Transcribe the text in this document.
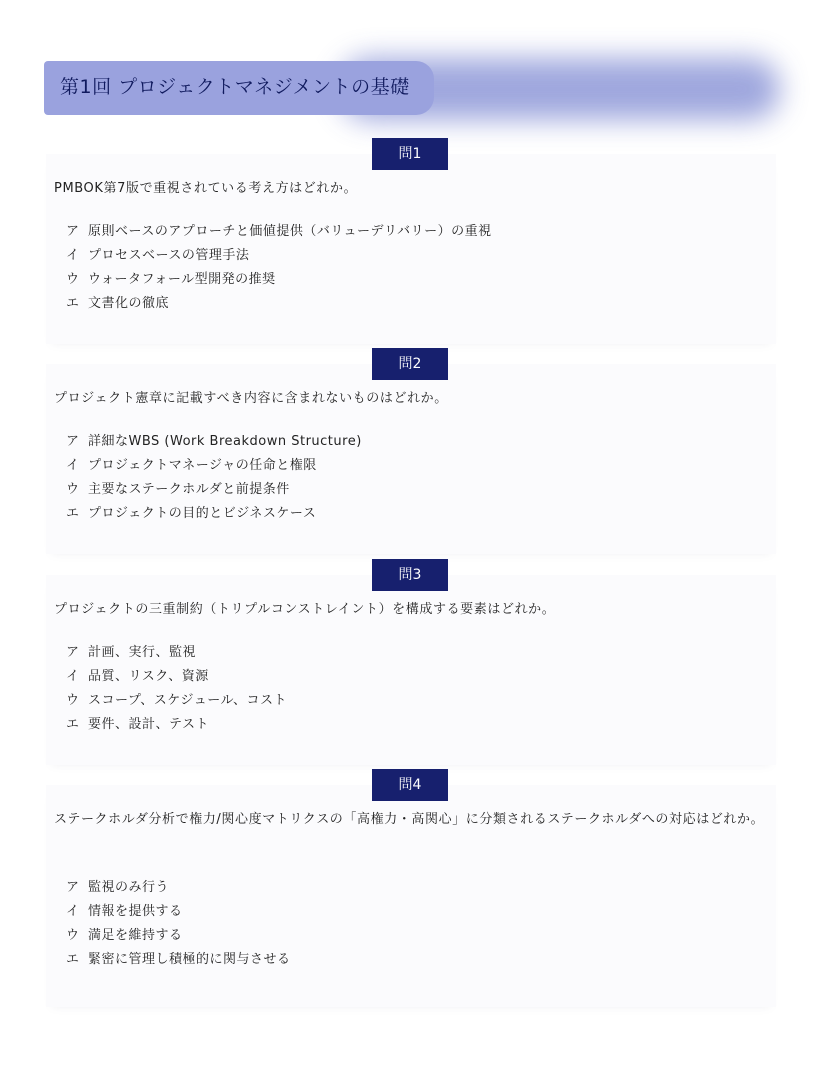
第1回 プロジェクトマネジメントの基礎
問1
PMBOK第7版で重視されている考え方はどれか。
ア 原則ベースのアプローチと価値提供（バリューデリバリー）の重視
イ プロセスベースの管理手法
ウ ウォータフォール型開発の推奨
エ 文書化の徹底
問2
プロジェクト憲章に記載すべき内容に含まれないものはどれか。
ア 詳細なWBS (Work Breakdown Structure)
イ プロジェクトマネージャの任命と権限
ウ 主要なステークホルダと前提条件
エ プロジェクトの目的とビジネスケース
問3
プロジェクトの三重制約（トリプルコンストレイント）を構成する要素はどれか。
ア 計画、実行、監視
イ 品質、リスク、資源
ウ スコープ、スケジュール、コスト
エ 要件、設計、テスト
問4
ステークホルダ分析で権力/関心度マトリクスの「高権力・高関心」に分類されるステークホルダへの対応はどれか。
ア 監視のみ行う
イ 情報を提供する
ウ 満足を維持する
エ 緊密に管理し積極的に関与させる
